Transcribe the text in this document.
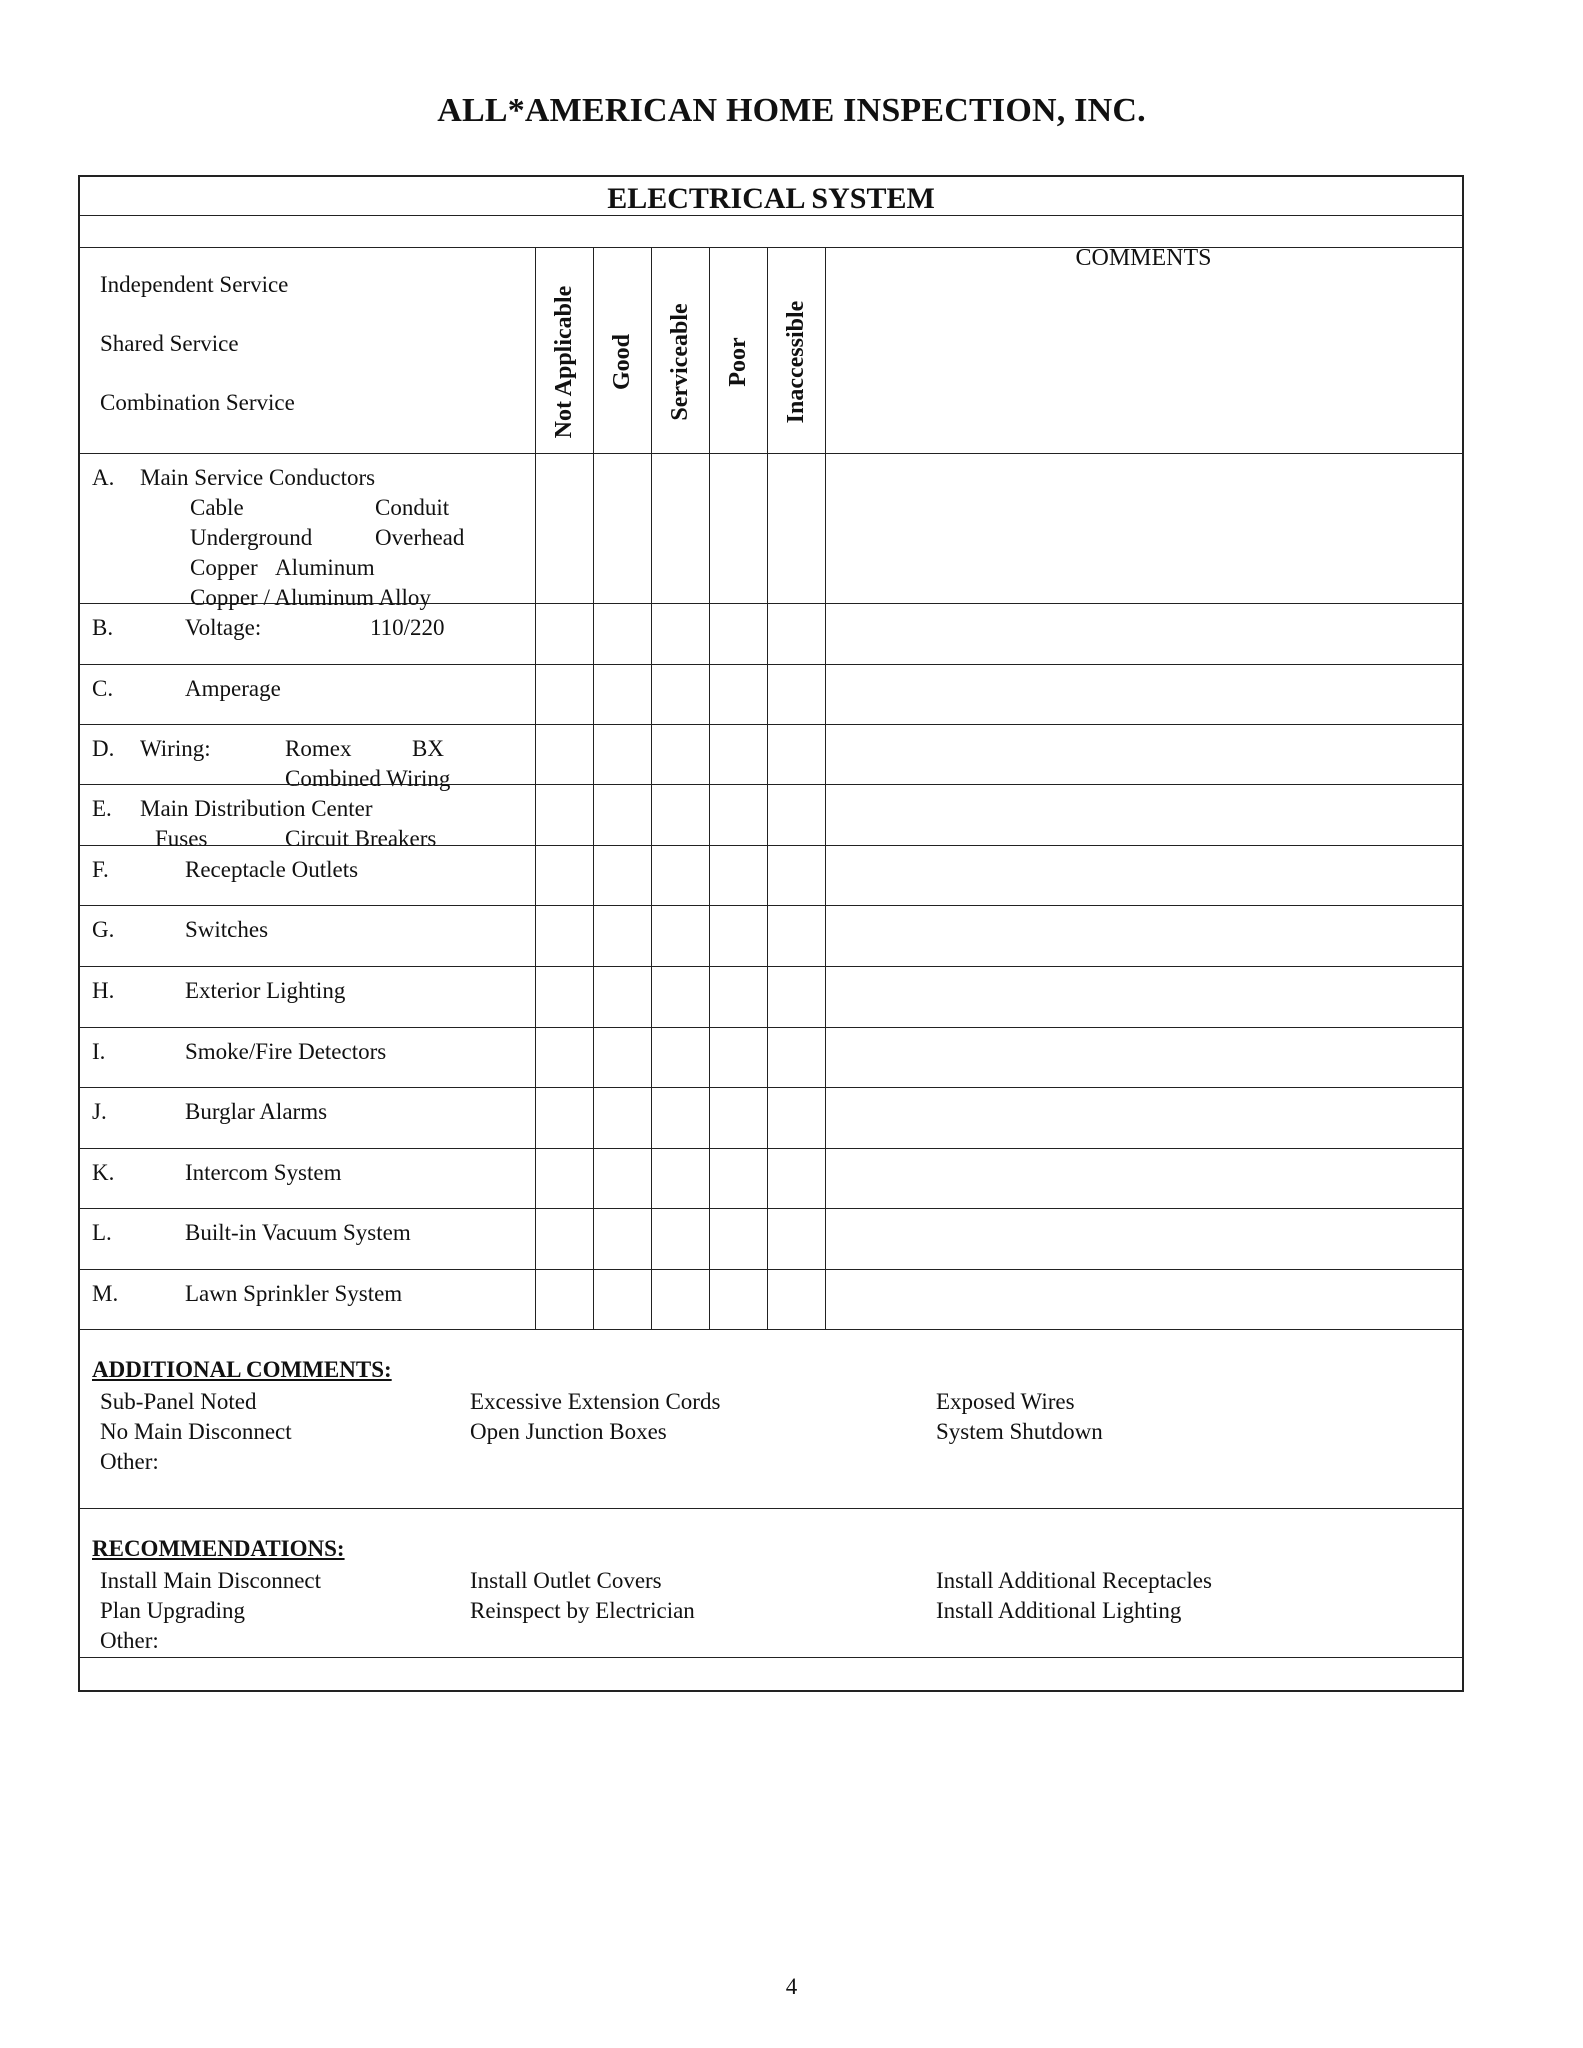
ALL*AMERICAN HOME INSPECTION, INC.
ELECTRICAL SYSTEM
Independent Service
Shared Service
Combination Service	Not Applicable Good Serviceable Poor Inaccessible
COMMENTS
A. Main Service Conductors
Cable	Conduit
Underground	Overhead
Copper Aluminum
Copper / Aluminum Alloy
B.	Voltage:	110/220
C.	Amperage
D. Wiring:	Romex	BX
Combined Wiring
E. Main Distribution Center
Fuses	Circuit Breakers
F.	Receptacle Outlets
G.	Switches
H.	Exterior Lighting
I.	Smoke/Fire Detectors
J.	Burglar Alarms
K.	Intercom System
L.	Built-in Vacuum System
M.	Lawn Sprinkler System
ADDITIONAL COMMENTS:
Sub-Panel Noted	Excessive Extension Cords	Exposed Wires
No Main Disconnect	Open Junction Boxes	System Shutdown
Other:
RECOMMENDATIONS:
Install Main Disconnect	Install Outlet Covers	Install Additional Receptacles
Plan Upgrading	Reinspect by Electrician	Install Additional Lighting
Other:
4
